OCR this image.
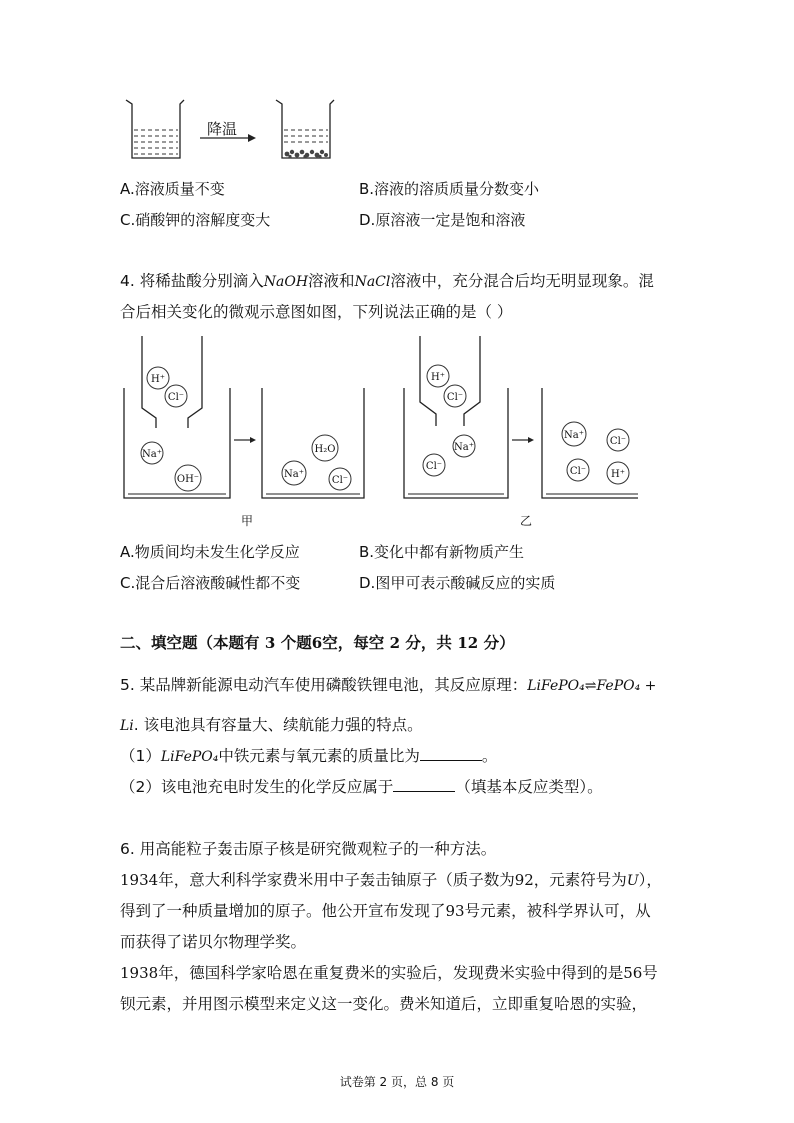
降温
A.溶液质量不变	B.溶液的溶质质量分数变小
C.硝酸钾的溶解度变大	D.原溶液一定是饱和溶液
4. 将稀盐酸分别滴入NaOH溶液和NaCl溶液中，充分混合后均无明显现象。混
合后相关变化的微观示意图如图，下列说法正确的是（ ）
H⁺
Cl⁻
Na⁺
OH⁻
H₂O
Na⁺
Cl⁻
H⁺
Cl⁻
Na⁺
Cl⁻
Na⁺
Cl⁻
Cl⁻ H⁺
甲	乙
A.物质间均未发生化学反应	B.变化中都有新物质产生
C.混合后溶液酸碱性都不变	D.图甲可表示酸碱反应的实质
二、填空题（本题有 3 个题6空，每空 2 分，共 12 分）
5. 某品牌新能源电动汽车使用磷酸铁锂电池，其反应原理：LiFePO₄⇌FePO₄ +
Li. 该电池具有容量大、续航能力强的特点。
（1）LiFePO₄中铁元素与氧元素的质量比为	。
（2）该电池充电时发生的化学反应属于	（填基本反应类型）。
6. 用高能粒子轰击原子核是研究微观粒子的一种方法。
1934年，意大利科学家费米用中子轰击铀原子（质子数为92，元素符号为U），
得到了一种质量增加的原子。他公开宣布发现了93号元素，被科学界认可，从
而获得了诺贝尔物理学奖。
1938年，德国科学家哈恩在重复费米的实验后，发现费米实验中得到的是56号
钡元素，并用图示模型来定义这一变化。费米知道后，立即重复哈恩的实验，
试卷第 2 页，总 8 页
